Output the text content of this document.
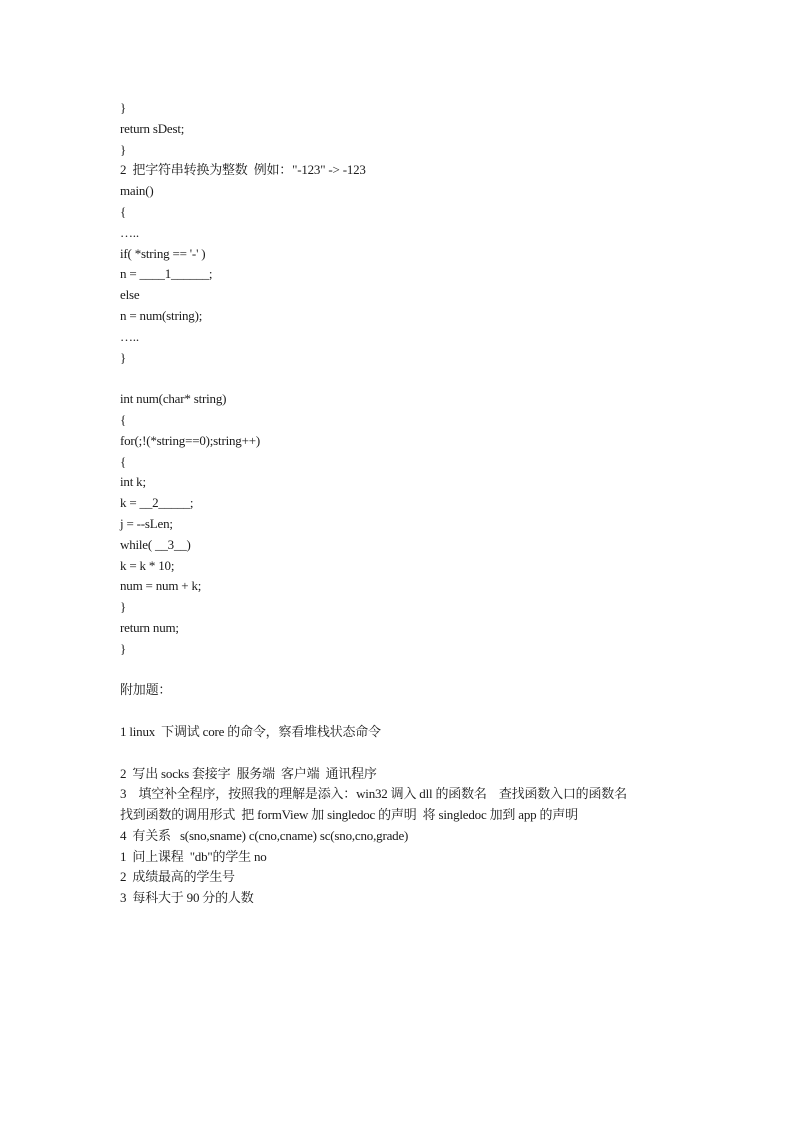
}
return sDest;
}
2  把字符串转换为整数  例如："-123" -> -123
main()
{
…..
if( *string == '-' )
n = ____1______;
else
n = num(string);
…..
}
int num(char* string)
{
for(;!(*string==0);string++)
{
int k;
k = __2_____;
j = --sLen;
while( __3__)
k = k * 10;
num = num + k;
}
return num;
}
附加题：
1 linux  下调试 core 的命令，察看堆栈状态命令
2  写出 socks 套接字  服务端  客户端  通讯程序
3    填空补全程序，按照我的理解是添入：win32 调入 dll 的函数名    查找函数入口的函数名
找到函数的调用形式  把 formView 加 singledoc 的声明  将 singledoc 加到 app 的声明
4  有关系   s(sno,sname) c(cno,cname) sc(sno,cno,grade)
1  问上课程  "db"的学生 no
2  成绩最高的学生号
3  每科大于 90 分的人数
